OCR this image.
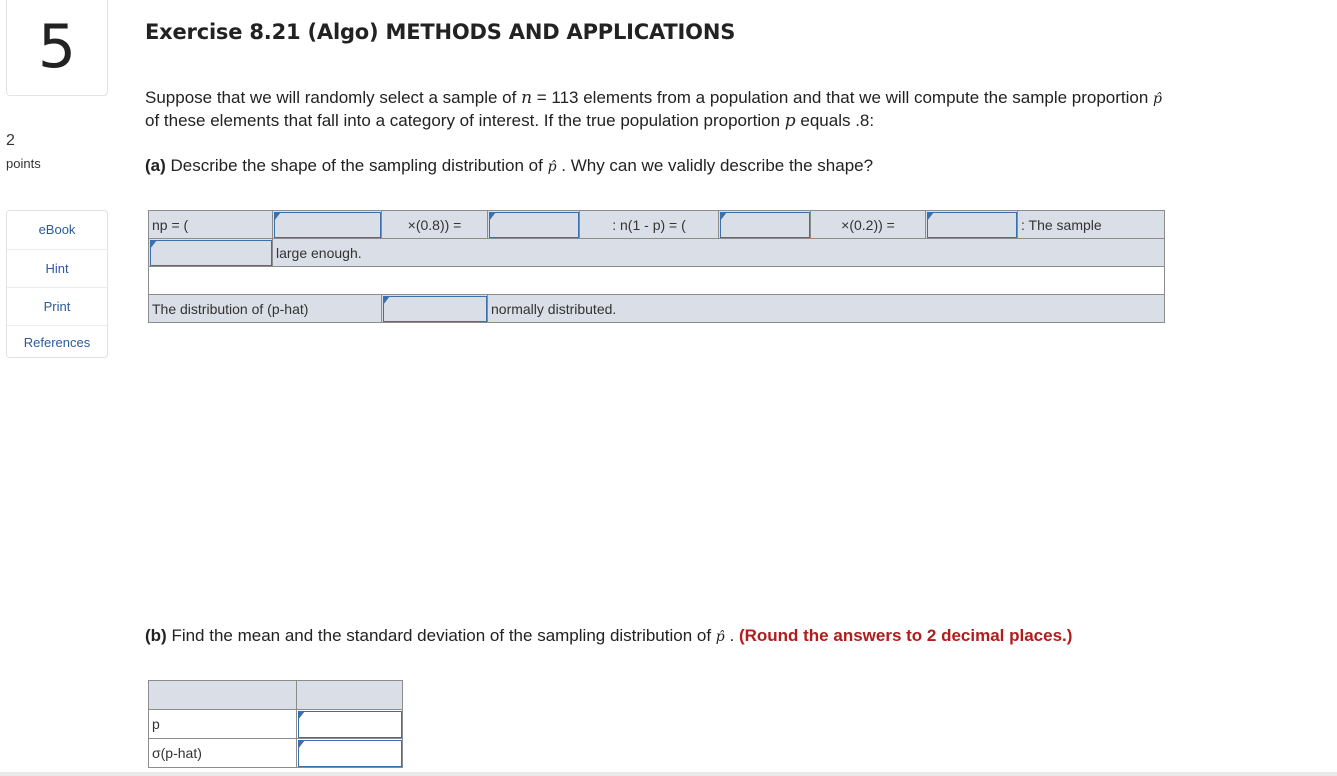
5
2
points
eBook
Hint
Print
References
Exercise 8.21 (Algo) METHODS AND APPLICATIONS
Suppose that we will randomly select a sample of n = 113 elements from a population and that we will compute the sample proportion p̂
of these elements that fall into a category of interest. If the true population proportion p equals .8:
(a) Describe the shape of the sampling distribution of p̂ . Why can we validly describe the shape?
np = (		×(0.8)) =		: n(1 - p) = (		×(0.2)) =		: The sample
	large enough.							

The distribution of (p-hat)			normally distributed.					
(b) Find the mean and the standard deviation of the sampling distribution of p̂ . (Round the answers to 2 decimal places.)

p	
σ(p-hat)	
